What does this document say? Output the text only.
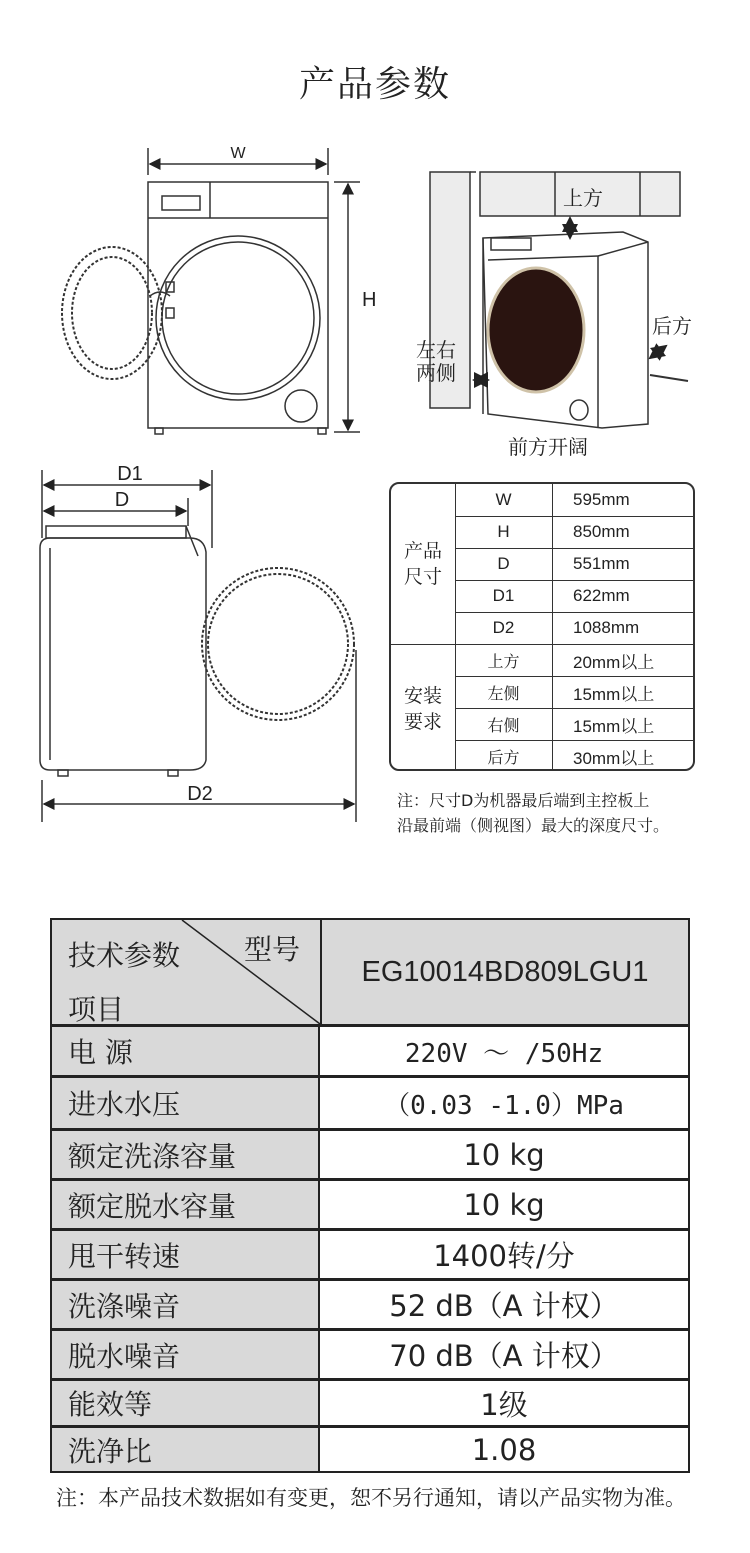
产品参数
W
H
上方
后方
左右
两侧
前方开阔
D1
D
D2
产品
尺寸
安装
要求
W	595mm
H	850mm
D	551mm
D1	622mm
D2	1088mm
上方	20mm以上
左侧	15mm以上
右侧	15mm以上
后方	30mm以上
注：尺寸D为机器最后端到主控板上
沿最前端（侧视图）最大的深度尺寸。
技术参数 型号
项目
EG10014BD809LGU1
电 源	220V ～ /50Hz
进水水压	（0.03 -1.0）MPa
额定洗涤容量	10 kg
额定脱水容量	10 kg
甩干转速	1400转/分
洗涤噪音	52 dB（A 计权）
脱水噪音	70 dB（A 计权）
能效等	1级
洗净比	1.08
注：本产品技术数据如有变更，恕不另行通知，请以产品实物为准。
